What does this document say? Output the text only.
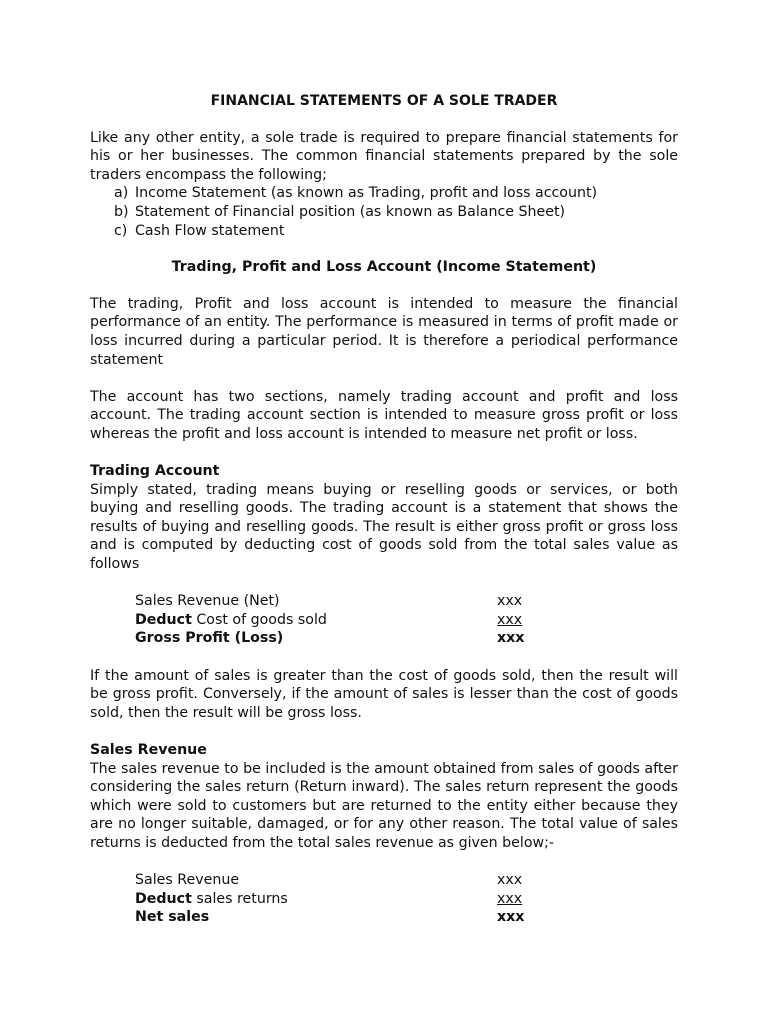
FINANCIAL STATEMENTS OF A SOLE TRADER

Like any other entity, a sole trade is required to prepare financial statements for his or her businesses. The common financial statements prepared by the sole traders encompass the following;

a) Income Statement (as known as Trading, profit and loss account)
b) Statement of Financial position (as known as Balance Sheet)
c) Cash Flow statement
Trading, Profit and Loss Account (Income Statement)

The trading, Profit and loss account is intended to measure the financial performance of an entity. The performance is measured in terms of profit made or loss incurred during a particular period. It is therefore a periodical performance statement

The account has two sections, namely trading account and profit and loss account. The trading account section is intended to measure gross profit or loss whereas the profit and loss account is intended to measure net profit or loss.

Trading Account

Simply stated, trading means buying or reselling goods or services, or both buying and reselling goods. The trading account is a statement that shows the results of buying and reselling goods. The result is either gross profit or gross loss and is computed by deducting cost of goods sold from the total sales value as follows

Sales Revenue (Net)	xxx
Deduct Cost of goods sold	xxx
Gross Profit (Loss)	xxx

If the amount of sales is greater than the cost of goods sold, then the result will be gross profit. Conversely, if the amount of sales is lesser than the cost of goods sold, then the result will be gross loss.

Sales Revenue

The sales revenue to be included is the amount obtained from sales of goods after considering the sales return (Return inward). The sales return represent the goods which were sold to customers but are returned to the entity either because they are no longer suitable, damaged, or for any other reason. The total value of sales returns is deducted from the total sales revenue as given below;-

Sales Revenue	xxx
Deduct sales returns	xxx
Net sales	xxx
